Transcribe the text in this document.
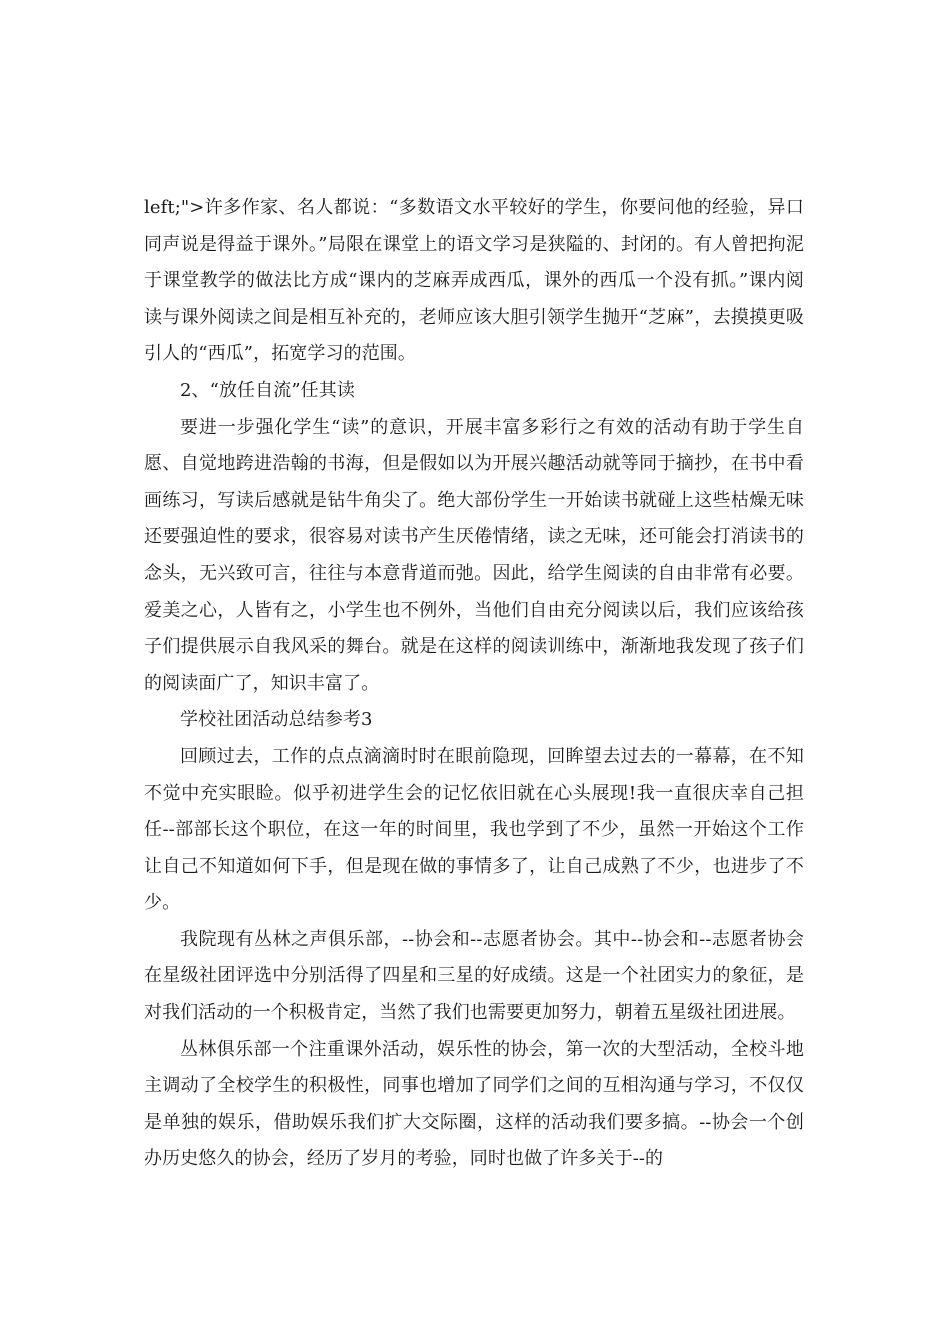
left;">许多作家、名人都说：“多数语文水平较好的学生，你要问他的经验，异口同声说是得益于课外。”局限在课堂上的语文学习是狭隘的、封闭的。有人曾把拘泥于课堂教学的做法比方成“课内的芝麻弄成西瓜，课外的西瓜一个没有抓。”课内阅读与课外阅读之间是相互补充的，老师应该大胆引领学生抛开“芝麻”，去摸摸更吸引人的“西瓜”，拓宽学习的范围。

2、“放任自流”任其读

要进一步强化学生“读”的意识，开展丰富多彩行之有效的活动有助于学生自愿、自觉地跨进浩翰的书海，但是假如以为开展兴趣活动就等同于摘抄，在书中看画练习，写读后感就是钻牛角尖了。绝大部份学生一开始读书就碰上这些枯燥无味还要强迫性的要求，很容易对读书产生厌倦情绪，读之无味，还可能会打消读书的念头，无兴致可言，往往与本意背道而弛。因此，给学生阅读的自由非常有必要。爱美之心，人皆有之，小学生也不例外，当他们自由充分阅读以后，我们应该给孩子们提供展示自我风采的舞台。就是在这样的阅读训练中，渐渐地我发现了孩子们的阅读面广了，知识丰富了。

学校社团活动总结参考3

回顾过去，工作的点点滴滴时时在眼前隐现，回眸望去过去的一幕幕，在不知不觉中充实眼睑。似乎初进学生会的记忆依旧就在心头展现!我一直很庆幸自己担任--部部长这个职位，在这一年的时间里，我也学到了不少，虽然一开始这个工作让自己不知道如何下手，但是现在做的事情多了，让自己成熟了不少，也进步了不少。

我院现有丛林之声俱乐部，--协会和--志愿者协会。其中--协会和--志愿者协会在星级社团评选中分别活得了四星和三星的好成绩。这是一个社团实力的象征，是对我们活动的一个积极肯定，当然了我们也需要更加努力，朝着五星级社团进展。

丛林俱乐部一个注重课外活动，娱乐性的协会，第一次的大型活动，全校斗地主调动了全校学生的积极性，同事也增加了同学们之间的互相沟通与学习，不仅仅是单独的娱乐，借助娱乐我们扩大交际圈，这样的活动我们要多搞。--协会一个创办历史悠久的协会，经历了岁月的考验，同时也做了许多关于--的
